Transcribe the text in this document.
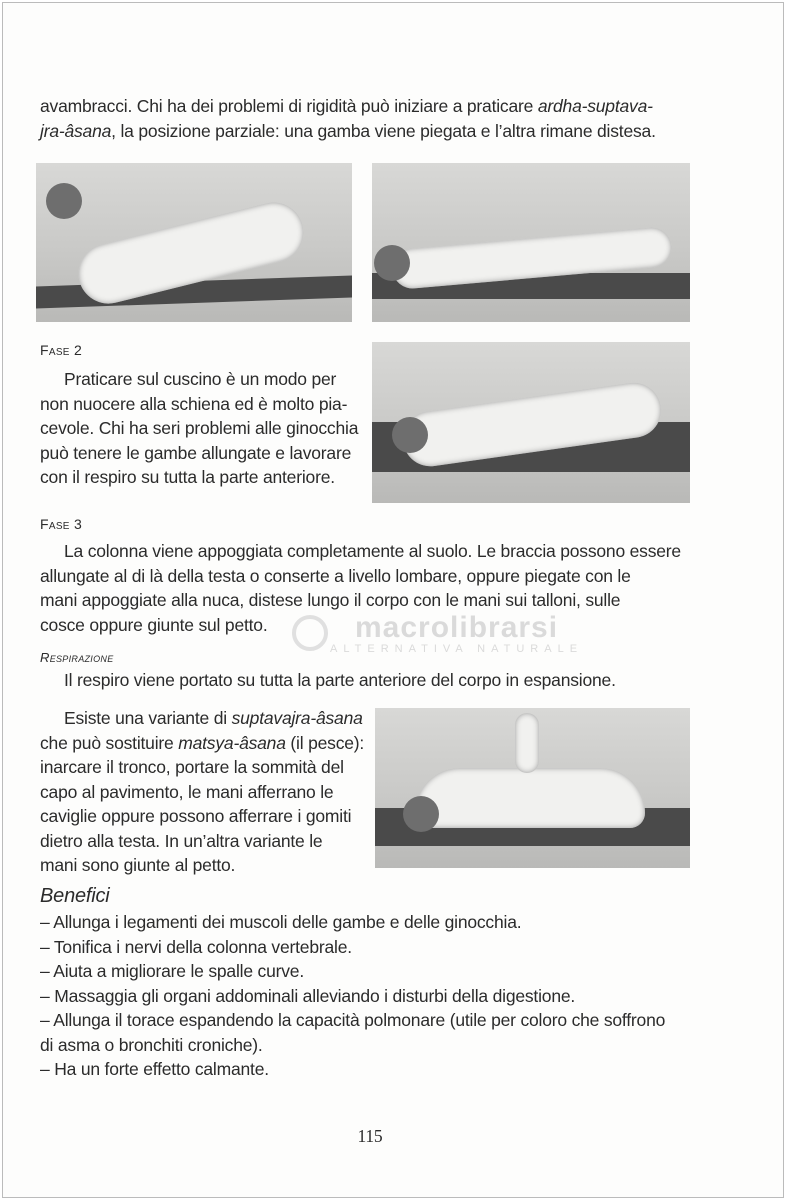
avambracci. Chi ha dei problemi di rigidità può iniziare a praticare ardha-suptava-
jra-âsana, la posizione parziale: una gamba viene piegata e l’altra rimane distesa.
Fase 2
Praticare sul cuscino è un modo per
non nuocere alla schiena ed è molto pia-
cevole. Chi ha seri problemi alle ginocchia
può tenere le gambe allungate e lavorare
con il respiro su tutta la parte anteriore.
Fase 3
La colonna viene appoggiata completamente al suolo. Le braccia possono essere
allungate al di là della testa o conserte a livello lombare, oppure piegate con le
mani appoggiate alla nuca, distese lungo il corpo con le mani sui talloni, sulle
cosce oppure giunte sul petto.	macrolibrarsi
ALTERNATIVA NATURALE
Respirazione
Il respiro viene portato su tutta la parte anteriore del corpo in espansione.
Esiste una variante di suptavajra-âsana
che può sostituire matsya-âsana (il pesce):
inarcare il tronco, portare la sommità del
capo al pavimento, le mani afferrano le
caviglie oppure possono afferrare i gomiti
dietro alla testa. In un’altra variante le
mani sono giunte al petto.
Benefici
– Allunga i legamenti dei muscoli delle gambe e delle ginocchia.
– Tonifica i nervi della colonna vertebrale.
– Aiuta a migliorare le spalle curve.
– Massaggia gli organi addominali alleviando i disturbi della digestione.
– Allunga il torace espandendo la capacità polmonare (utile per coloro che soffrono
di asma o bronchiti croniche).
– Ha un forte effetto calmante.
115
